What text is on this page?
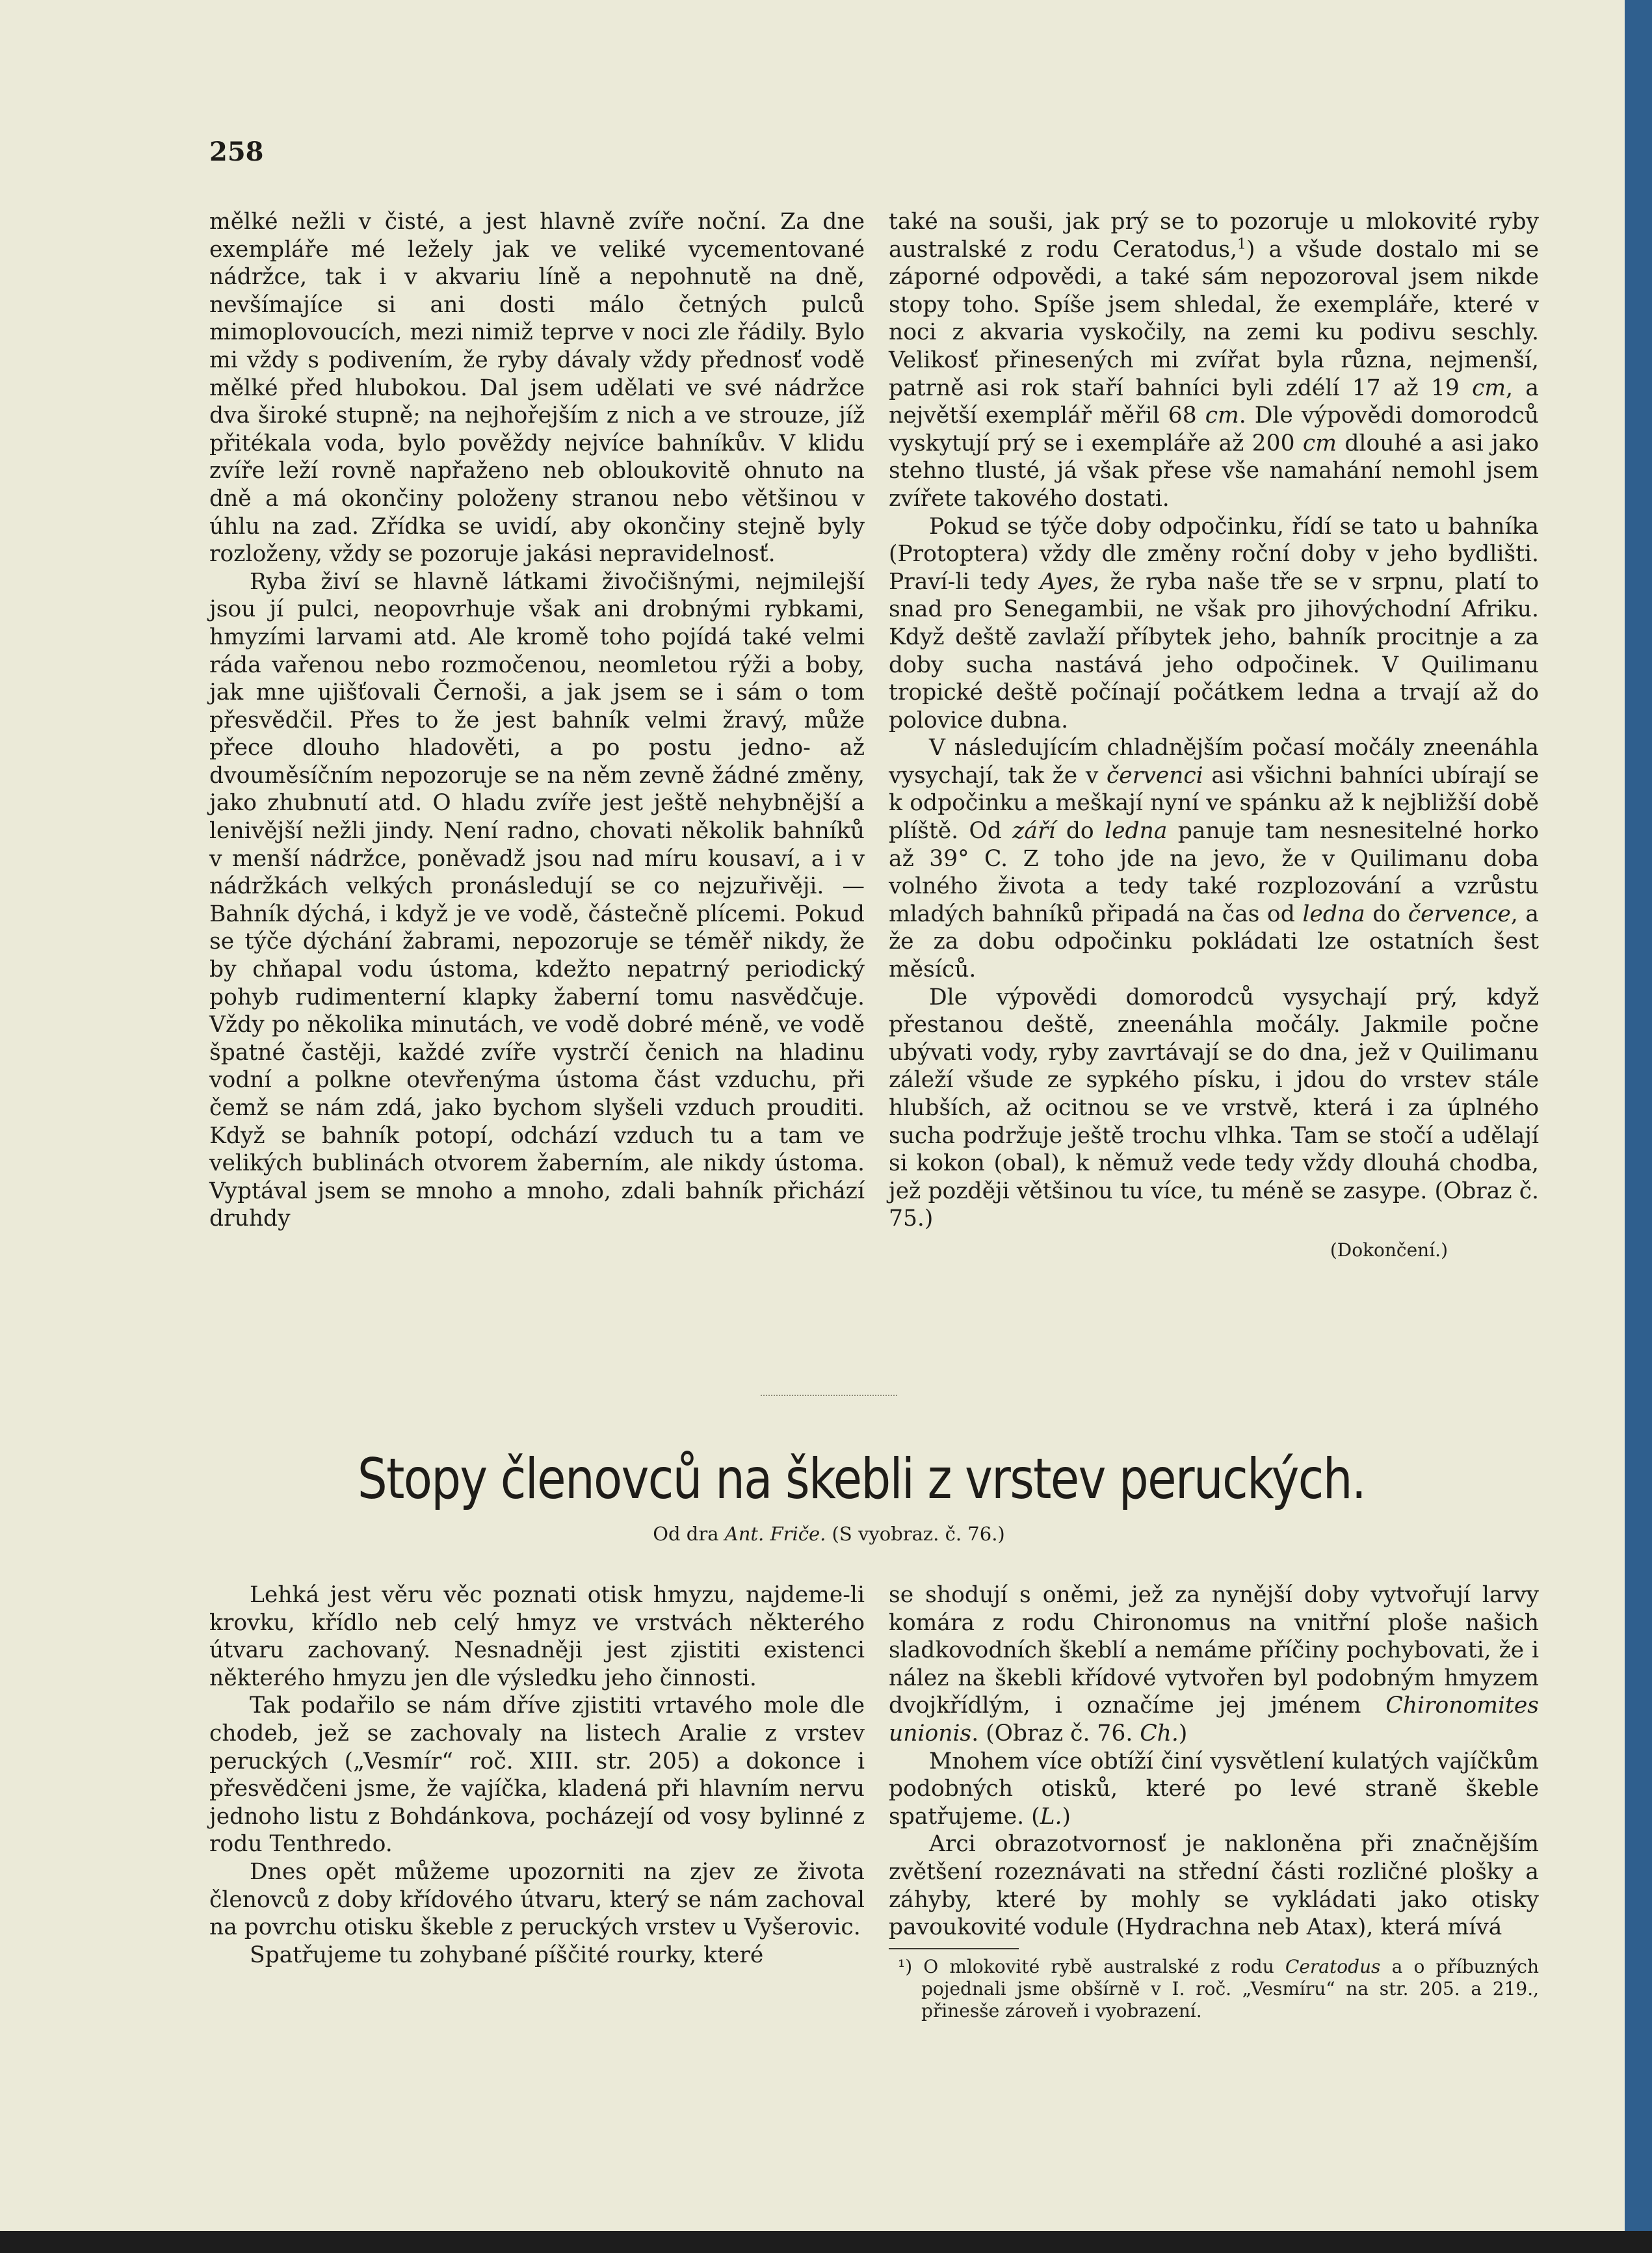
258

mělké nežli v čisté, a jest hlavně zvíře noční. Za dne exempláře mé ležely jak ve veliké vycementované nádržce, tak i v akvariu líně a nepohnutě na dně, nevšímajíce si ani dosti málo četných pulců mimoplovoucích, mezi nimiž teprve v noci zle řádily. Bylo mi vždy s podivením, že ryby dávaly vždy přednosť vodě mělké před hlubokou. Dal jsem udělati ve své nádržce dva široké stupně; na nejhořejším z nich a ve strouze, jíž přitékala voda, bylo pověždy nejvíce bahníkův. V klidu zvíře leží rovně napřaženo neb obloukovitě ohnuto na dně a má okončiny položeny stranou nebo většinou v úhlu na zad. Zřídka se uvidí, aby okončiny stejně byly rozloženy, vždy se pozoruje jakási nepravidelnosť.

Ryba živí se hlavně látkami živočišnými, nejmilejší jsou jí pulci, neopovrhuje však ani drobnými rybkami, hmyzími larvami atd. Ale kromě toho pojídá také velmi ráda vařenou nebo rozmočenou, neomletou rýži a boby, jak mne ujišťovali Černoši, a jak jsem se i sám o tom přesvědčil. Přes to že jest bahník velmi žravý, může přece dlouho hladověti, a po postu jedno- až dvouměsíčním nepozoruje se na něm zevně žádné změny, jako zhubnutí atd. O hladu zvíře jest ještě nehybnější a lenivější nežli jindy. Není radno, chovati několik bahníků v menší nádržce, poněvadž jsou nad míru kousaví, a i v nádržkách velkých pronásledují se co nejzuřivěji. — Bahník dýchá, i když je ve vodě, částečně plícemi. Pokud se týče dýchání žabrami, nepozoruje se téměř nikdy, že by chňapal vodu ústoma, kdežto nepatrný periodický pohyb rudimenterní klapky žaberní tomu nasvědčuje. Vždy po několika minutách, ve vodě dobré méně, ve vodě špatné častěji, každé zvíře vystrčí čenich na hladinu vodní a polkne otevřenýma ústoma část vzduchu, při čemž se nám zdá, jako bychom slyšeli vzduch prouditi. Když se bahník potopí, odchází vzduch tu a tam ve velikých bublinách otvorem žaberním, ale nikdy ústoma. Vyptával jsem se mnoho a mnoho, zdali bahník přichází druhdy

také na souši, jak prý se to pozoruje u mlokovité ryby australské z rodu Ceratodus,$^1$) a všude dostalo mi se záporné odpovědi, a také sám nepozoroval jsem nikde stopy toho. Spíše jsem shledal, že exempláře, které v noci z akvaria vyskočily, na zemi ku podivu seschly. Velikosť přinesených mi zvířat byla různa, nejmenší, patrně asi rok staří bahníci byli zdélí 17 až 19 cm, a největší exemplář měřil 68 cm. Dle výpovědi domorodců vyskytují prý se i exempláře až 200 cm dlouhé a asi jako stehno tlusté, já však přese vše namahání nemohl jsem zvířete takového dostati.

Pokud se týče doby odpočinku, řídí se tato u bahníka (Protoptera) vždy dle změny roční doby v jeho bydlišti. Praví-li tedy Ayes, že ryba naše tře se v srpnu, platí to snad pro Senegambii, ne však pro jihovýchodní Afriku. Když deště zavlaží příbytek jeho, bahník procitnje a za doby sucha nastává jeho odpočinek. V Quilimanu tropické deště počínají počátkem ledna a trvají až do polovice dubna.

V následujícím chladnějším počasí močály zneenáhla vysychají, tak že v červenci asi všichni bahníci ubírají se k odpočinku a meškají nyní ve spánku až k nejbližší době plíště. Od září do ledna panuje tam nesnesitelné horko až 39° C. Z toho jde na jevo, že v Quilimanu doba volného života a tedy také rozplozování a vzrůstu mladých bahníků připadá na čas od ledna do července, a že za dobu odpočinku pokládati lze ostatních šest měsíců.

Dle výpovědi domorodců vysychají prý, když přestanou deště, zneenáhla močály. Jakmile počne ubývati vody, ryby zavrtávají se do dna, jež v Quilimanu záleží všude ze sypkého písku, i jdou do vrstev stále hlubších, až ocitnou se ve vrstvě, která i za úplného sucha podržuje ještě trochu vlhka. Tam se stočí a udělají si kokon (obal), k němuž vede tedy vždy dlouhá chodba, jež později většinou tu více, tu méně se zasype. (Obraz č. 75.)

(Dokončení.)
Stopy členovců na škebli z vrstev peruckých.
Od dra Ant. Friče. (S vyobraz. č. 76.)

Lehká jest věru věc poznati otisk hmyzu, najdeme-li krovku, křídlo neb celý hmyz ve vrstvách některého útvaru zachovaný. Nesnadněji jest zjistiti existenci některého hmyzu jen dle výsledku jeho činnosti.

Tak podařilo se nám dříve zjistiti vrtavého mole dle chodeb, jež se zachovaly na listech Aralie z vrstev peruckých („Vesmír“ roč. XIII. str. 205) a dokonce i přesvědčeni jsme, že vajíčka, kladená při hlavním nervu jednoho listu z Bohdánkova, pocházejí od vosy bylinné z rodu Tenthredo.

Dnes opět můžeme upozorniti na zjev ze života členovců z doby křídového útvaru, který se nám zachoval na povrchu otisku škeble z peruckých vrstev u Vyšerovic.

Spatřujeme tu zohybané píščité rourky, které

se shodují s oněmi, jež za nynější doby vytvořují larvy komára z rodu Chironomus na vnitřní ploše našich sladkovodních škeblí a nemáme příčiny pochybovati, že i nález na škebli křídové vytvořen byl podobným hmyzem dvojkřídlým, i označíme jej jménem Chironomites unionis. (Obraz č. 76. Ch.)

Mnohem více obtíží činí vysvětlení kulatých vajíčkům podobných otisků, které po levé straně škeble spatřujeme. (L.)

Arci obrazotvornosť je nakloněna při značnějším zvětšení rozeznávati na střední části rozličné plošky a záhyby, které by mohly se vykládati jako otisky pavoukovité vodule (Hydrachna neb Atax), která mívá

¹) O mlokovité rybě australské z rodu Ceratodus a o příbuzných pojednali jsme obšírně v I. roč. „Vesmíru“ na str. 205. a 219., přinesše zároveň i vyobrazení.
